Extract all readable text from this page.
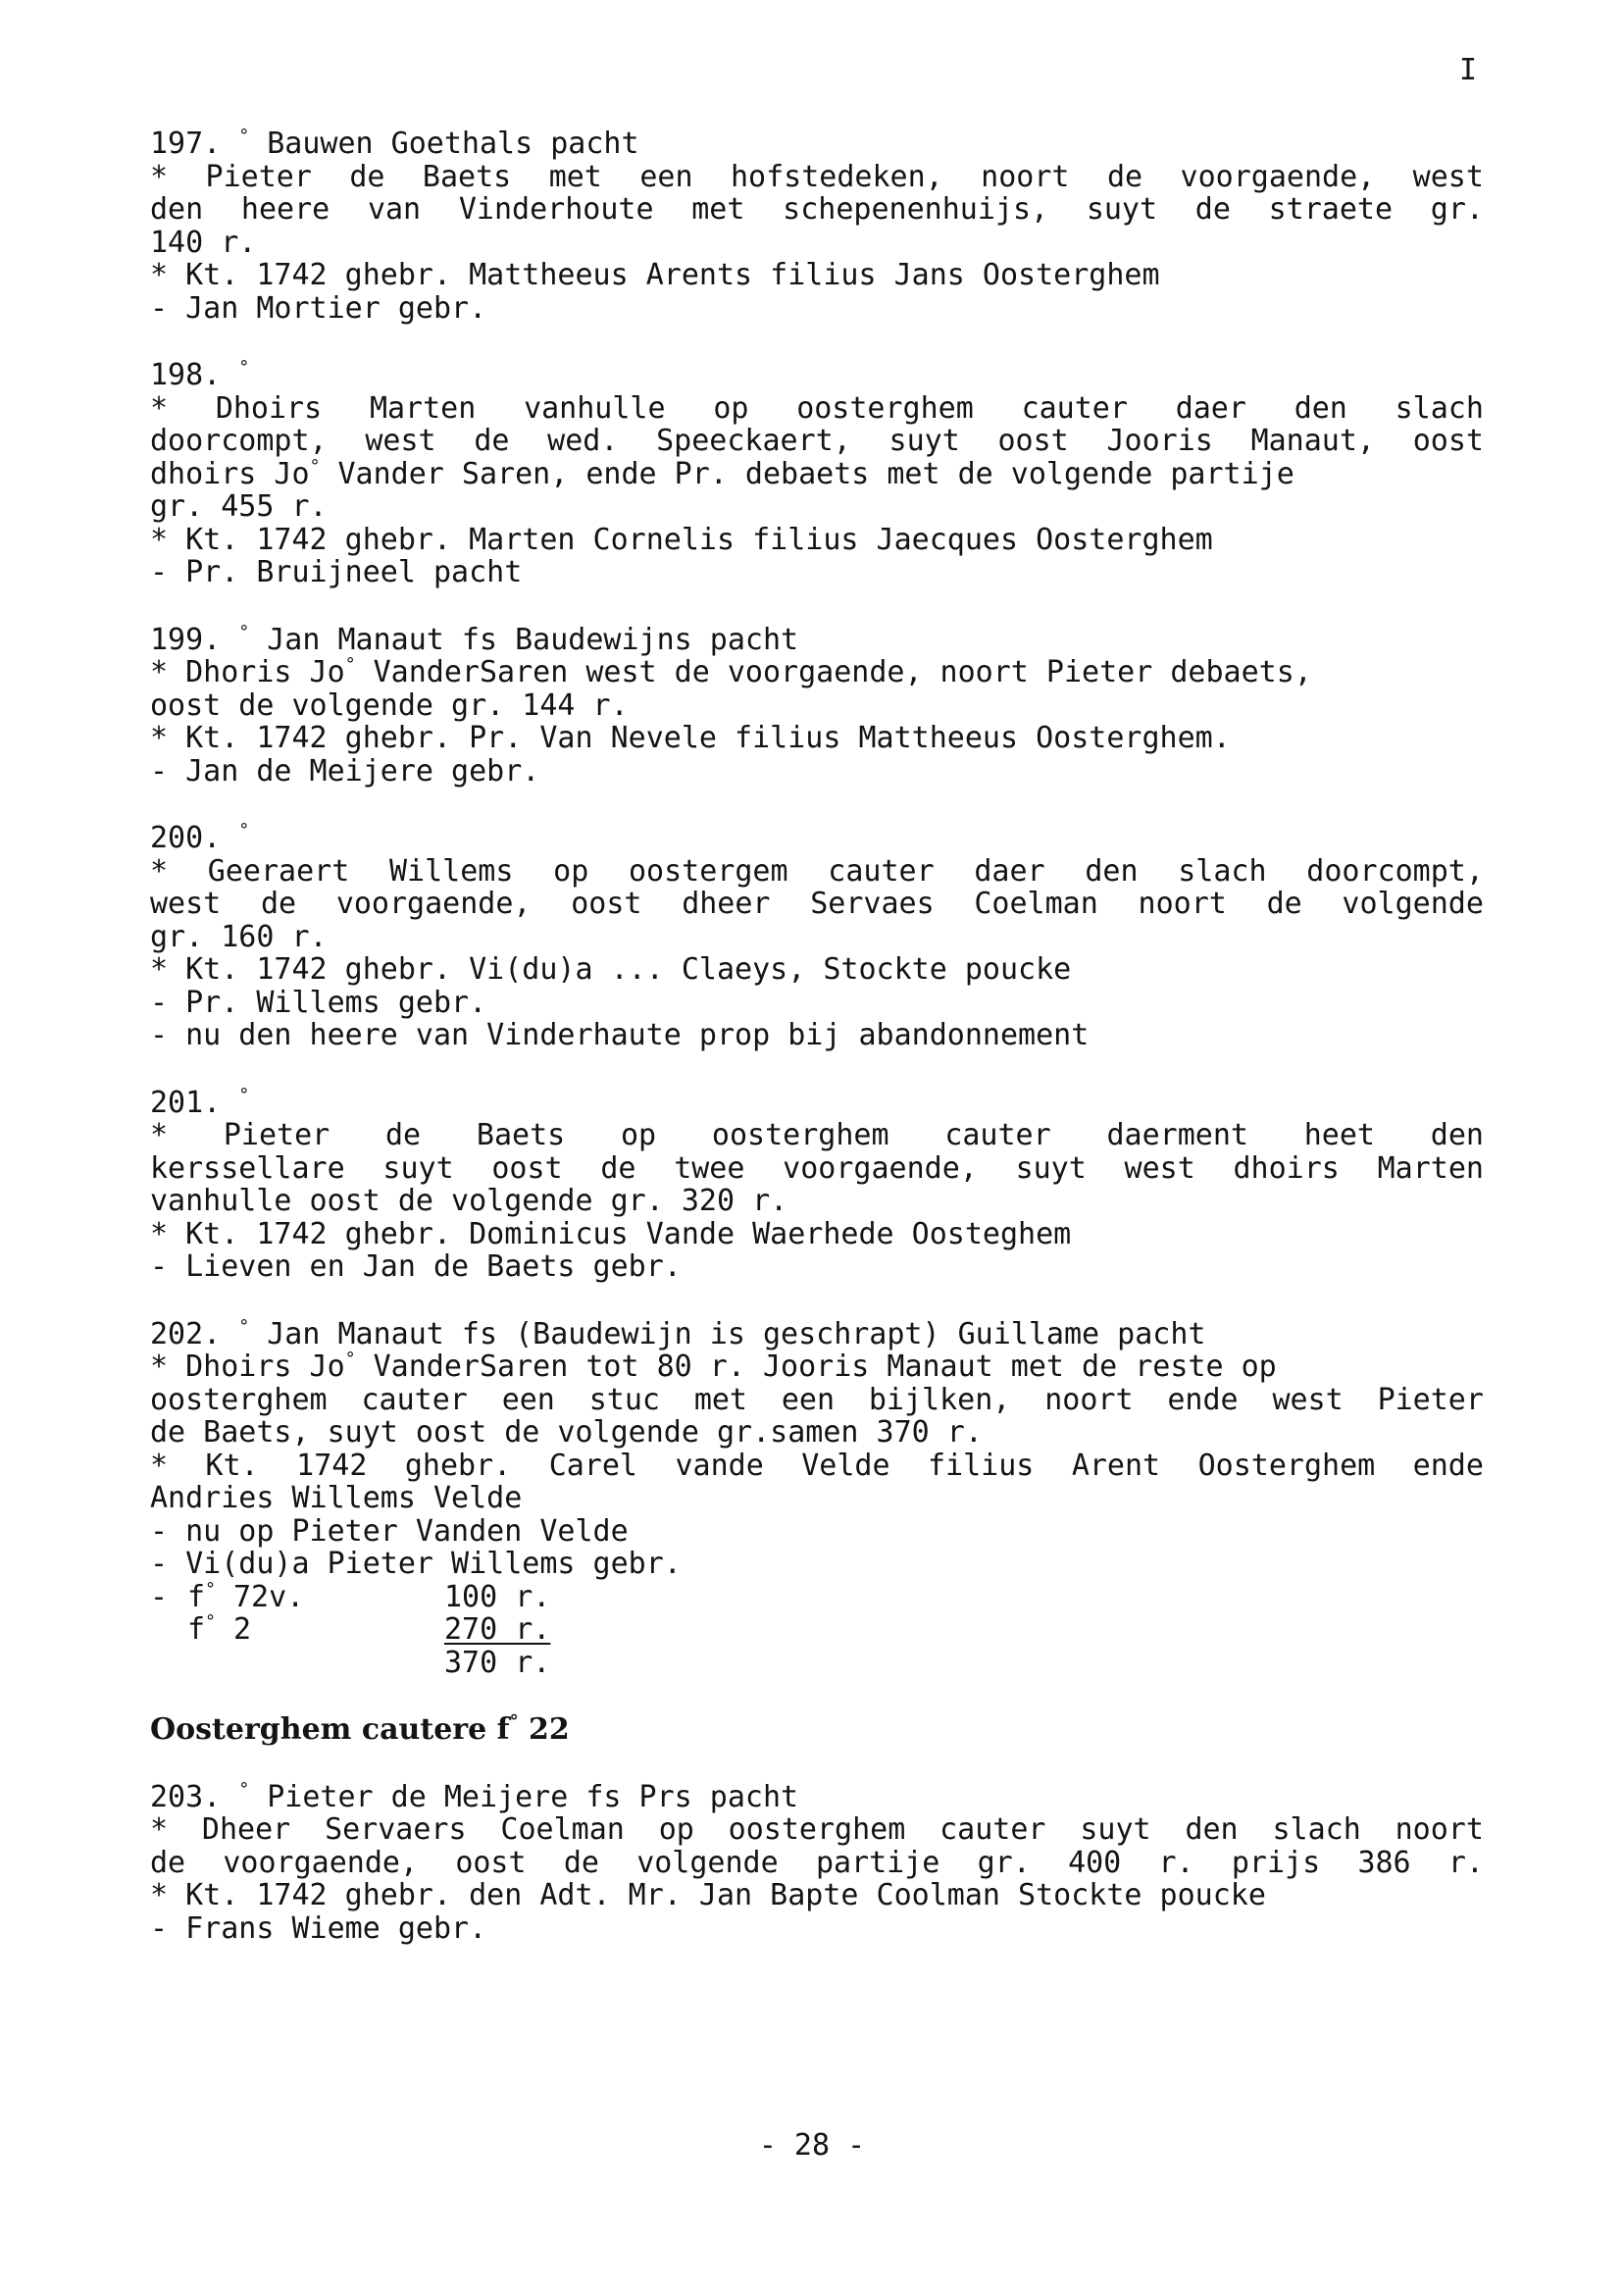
I
197. ° Bauwen Goethals pacht
* Pieter de Baets met een hofstedeken, noort de voorgaende, west
den heere van Vinderhoute met schepenenhuijs, suyt de straete gr.
140 r.
* Kt. 1742 ghebr. Mattheeus Arents filius Jans Oosterghem
- Jan Mortier gebr.
198. °
* Dhoirs Marten vanhulle op oosterghem cauter daer den slach
doorcompt, west de wed. Speeckaert, suyt oost Jooris Manaut, oost
dhoirs Jo° Vander Saren, ende Pr. debaets met de volgende partije
gr. 455 r.
* Kt. 1742 ghebr. Marten Cornelis filius Jaecques Oosterghem
- Pr. Bruijneel pacht
199. ° Jan Manaut fs Baudewijns pacht
* Dhoris Jo° VanderSaren west de voorgaende, noort Pieter debaets,
oost de volgende gr. 144 r.
* Kt. 1742 ghebr. Pr. Van Nevele filius Mattheeus Oosterghem.
- Jan de Meijere gebr.
200. °
* Geeraert Willems op oostergem cauter daer den slach doorcompt,
west de voorgaende, oost dheer Servaes Coelman noort de volgende
gr. 160 r.
* Kt. 1742 ghebr. Vi(du)a ... Claeys, Stockte poucke
- Pr. Willems gebr.
- nu den heere van Vinderhaute prop bij abandonnement
201. °
* Pieter de Baets op oosterghem cauter daerment heet den
kerssellare suyt oost de twee voorgaende, suyt west dhoirs Marten
vanhulle oost de volgende gr. 320 r.
* Kt. 1742 ghebr. Dominicus Vande Waerhede Oosteghem
- Lieven en Jan de Baets gebr.
202. ° Jan Manaut fs (Baudewijn is geschrapt) Guillame pacht
* Dhoirs Jo° VanderSaren tot 80 r. Jooris Manaut met de reste op
oosterghem cauter een stuc met een bijlken, noort ende west Pieter
de Baets, suyt oost de volgende gr.samen 370 r.
* Kt. 1742 ghebr. Carel vande Velde filius Arent Oosterghem ende
Andries Willems Velde
- nu op Pieter Vanden Velde
- Vi(du)a Pieter Willems gebr.
- f° 72v.	100 r.
f° 2	270 r.
370 r.
Oosterghem cautere f° 22
203. ° Pieter de Meijere fs Prs pacht
* Dheer Servaers Coelman op oosterghem cauter suyt den slach noort
de voorgaende, oost de volgende partije gr. 400 r. prijs 386 r.
* Kt. 1742 ghebr. den Adt. Mr. Jan Bapte Coolman Stockte poucke
- Frans Wieme gebr.
- 28 -
